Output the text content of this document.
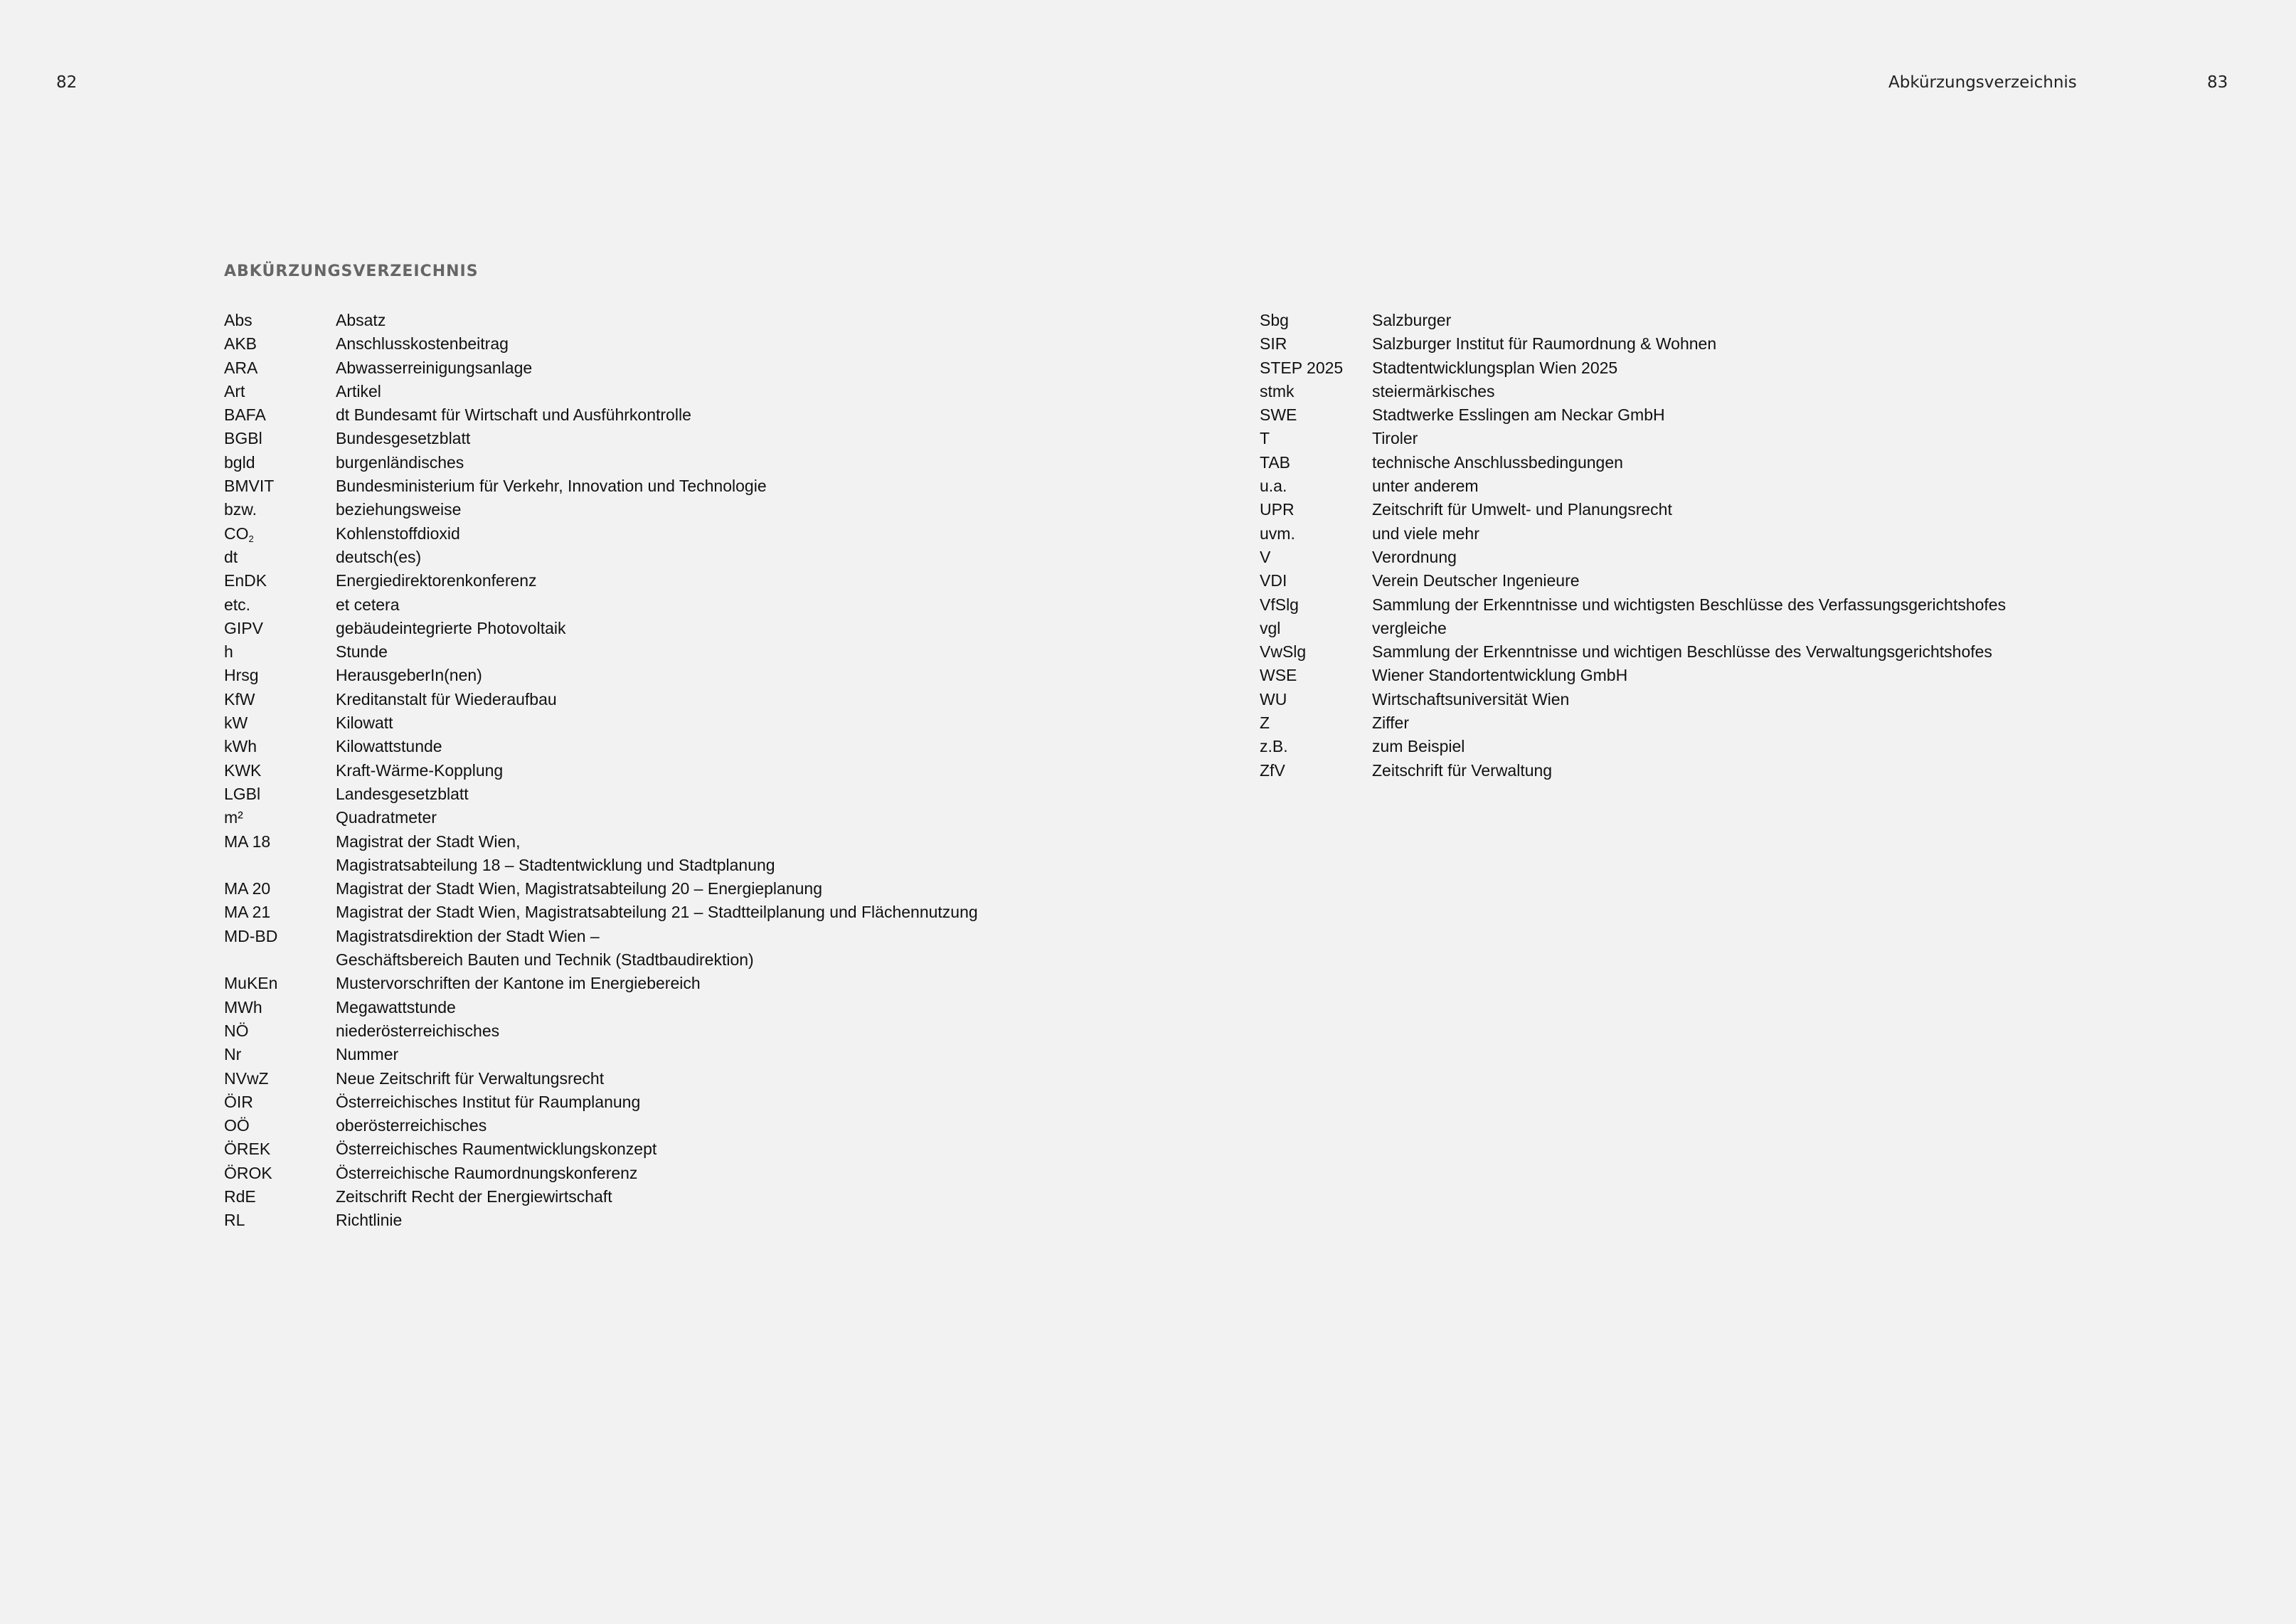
82	Abkürzungsverzeichnis	83
ABKÜRZUNGSVERZEICHNIS
Abs	Absatz
AKB	Anschlusskostenbeitrag
ARA	Abwasserreinigungsanlage
Art	Artikel
BAFA	dt Bundesamt für Wirtschaft und Ausführkontrolle
BGBl	Bundesgesetzblatt
bgld	burgenländisches
BMVIT	Bundesministerium für Verkehr, Innovation und Technologie
bzw.	beziehungsweise
$CO_2$	Kohlenstoffdioxid
dt	deutsch(es)
EnDK	Energiedirektorenkonferenz
etc.	et cetera
GIPV	gebäudeintegrierte Photovoltaik
h	Stunde
Hrsg	HerausgeberIn(nen)
KfW	Kreditanstalt für Wiederaufbau
kW	Kilowatt
kWh	Kilowattstunde
KWK	Kraft-Wärme-Kopplung
LGBl	Landesgesetzblatt
m²	Quadratmeter
MA 18	Magistrat der Stadt Wien,
Magistratsabteilung 18 – Stadtentwicklung und Stadtplanung
MA 20	Magistrat der Stadt Wien, Magistratsabteilung 20 – Energieplanung
MA 21	Magistrat der Stadt Wien, Magistratsabteilung 21 – Stadtteilplanung und Flächennutzung
MD-BD	Magistratsdirektion der Stadt Wien –
Geschäftsbereich Bauten und Technik (Stadtbaudirektion)
MuKEn	Mustervorschriften der Kantone im Energiebereich
MWh	Megawattstunde
NÖ	niederösterreichisches
Nr	Nummer
NVwZ	Neue Zeitschrift für Verwaltungsrecht
ÖIR	Österreichisches Institut für Raumplanung
OÖ	oberösterreichisches
ÖREK	Österreichisches Raumentwicklungskonzept
ÖROK	Österreichische Raumordnungskonferenz
RdE	Zeitschrift Recht der Energiewirtschaft
RL	Richtlinie
Sbg	Salzburger
SIR	Salzburger Institut für Raumordnung & Wohnen
STEP 2025 Stadtentwicklungsplan Wien 2025
stmk	steiermärkisches
SWE	Stadtwerke Esslingen am Neckar GmbH
T	Tiroler
TAB	technische Anschlussbedingungen
u.a.	unter anderem
UPR	Zeitschrift für Umwelt- und Planungsrecht
uvm.	und viele mehr
V	Verordnung
VDI	Verein Deutscher Ingenieure
VfSlg	Sammlung der Erkenntnisse und wichtigsten Beschlüsse des Verfassungsgerichtshofes
vgl	vergleiche
VwSlg	Sammlung der Erkenntnisse und wichtigen Beschlüsse des Verwaltungsgerichtshofes
WSE	Wiener Standortentwicklung GmbH
WU	Wirtschaftsuniversität Wien
Z	Ziffer
z.B.	zum Beispiel
ZfV	Zeitschrift für Verwaltung
